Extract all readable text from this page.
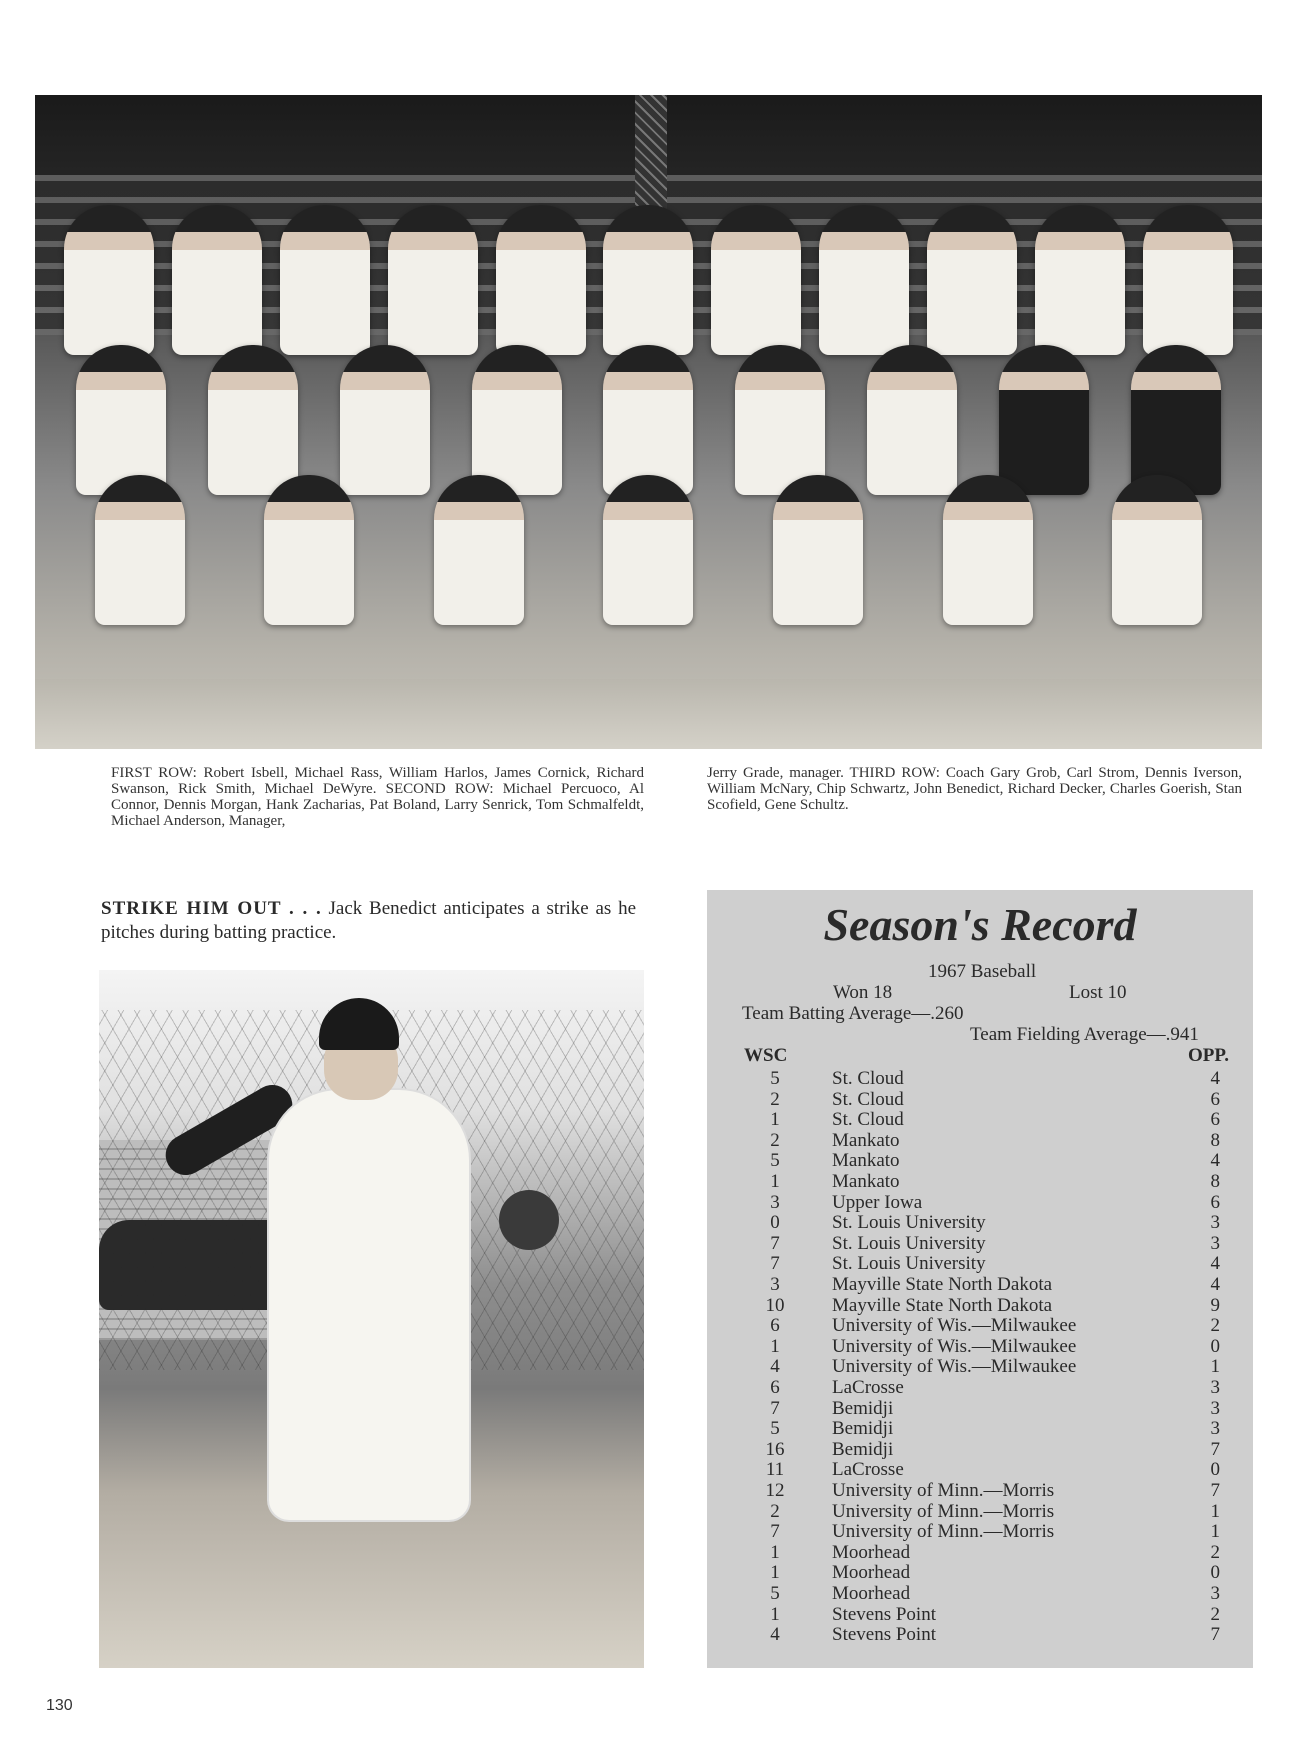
FIRST ROW: Robert Isbell, Michael Rass, William Harlos, James Cornick, Richard Swanson, Rick Smith, Michael DeWyre. SECOND ROW: Michael Percuoco, Al Connor, Dennis Morgan, Hank Zacharias, Pat Boland, Larry Senrick, Tom Schmalfeldt, Michael Anderson, Manager,

Jerry Grade, manager. THIRD ROW: Coach Gary Grob, Carl Strom, Dennis Iverson, William McNary, Chip Schwartz, John Benedict, Richard Decker, Charles Goerish, Stan Scofield, Gene Schultz.

STRIKE HIM OUT . . . Jack Benedict anticipates a strike as he pitches during batting practice.	Season's Record

1967 Baseball

Won 18	Lost 10

Team Batting Average—.260

Team Fielding Average—.941

WSC	OPP.

5	St. Cloud	4
2	St. Cloud	6
1	St. Cloud	6
2	Mankato	8
5	Mankato	4
1	Mankato	8
3	Upper Iowa	6
0	St. Louis University	3
7	St. Louis University	3
7	St. Louis University	4
3	Mayville State North Dakota	4
10	Mayville State North Dakota	9
6	University of Wis.—Milwaukee	2
1	University of Wis.—Milwaukee	0
4	University of Wis.—Milwaukee	1
6	LaCrosse	3
7	Bemidji	3
5	Bemidji	3
16	Bemidji	7
11	LaCrosse	0
12	University of Minn.—Morris	7
2	University of Minn.—Morris	1
7	University of Minn.—Morris	1
1	Moorhead	2
1	Moorhead	0
5	Moorhead	3
1	Stevens Point	2
4	Stevens Point	7

130
